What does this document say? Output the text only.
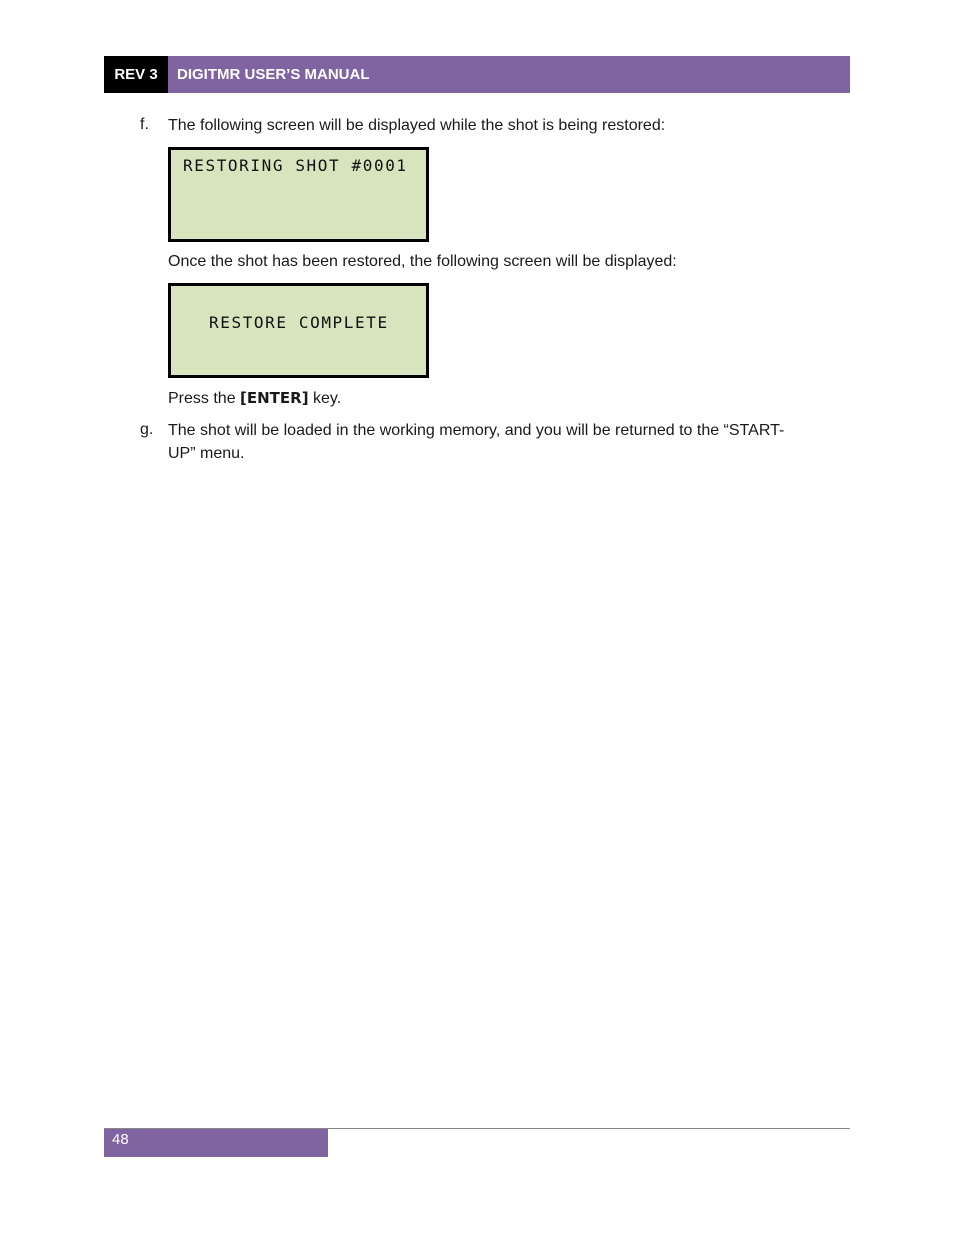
REV 3	DIGITMR USER’S MANUAL
f. The following screen will be displayed while the shot is being restored:
RESTORING SHOT #0001
Once the shot has been restored, the following screen will be displayed:
RESTORE COMPLETE
Press the [ENTER] key.
g. The shot will be loaded in the working memory, and you will be returned to the “START-
UP” menu.
48
